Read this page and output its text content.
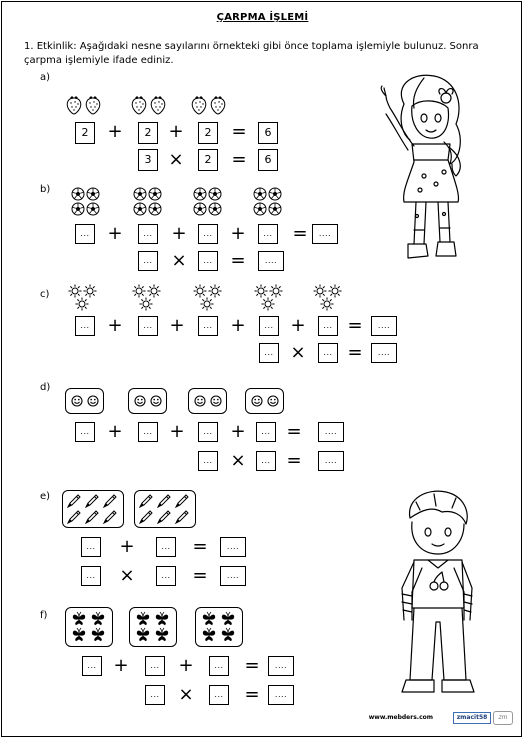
ÇARPMA İŞLEMİ
1. Etkinlik: Aşağıdaki nesne sayılarını örnekteki gibi önce toplama işlemiyle bulunuz. Sonra
çarpma işlemiyle ifade ediniz.
a)
2	+	2 +	2	=	6
3 ×	2	=	6
b)
... +	...	+	... +	...	=	....
...	×	... =	....
c)
... +	... +	... +	... +	... =	....
... ×	... =	....
d)
... +	... +	... +	... =	....
... ×	... =	....
e)
...	+	...	=	....
...	×	...	=	....
f)
... +	...	+	...	=	....
...	×	...	=	....
www.mebders.com	zmacit58	zm
